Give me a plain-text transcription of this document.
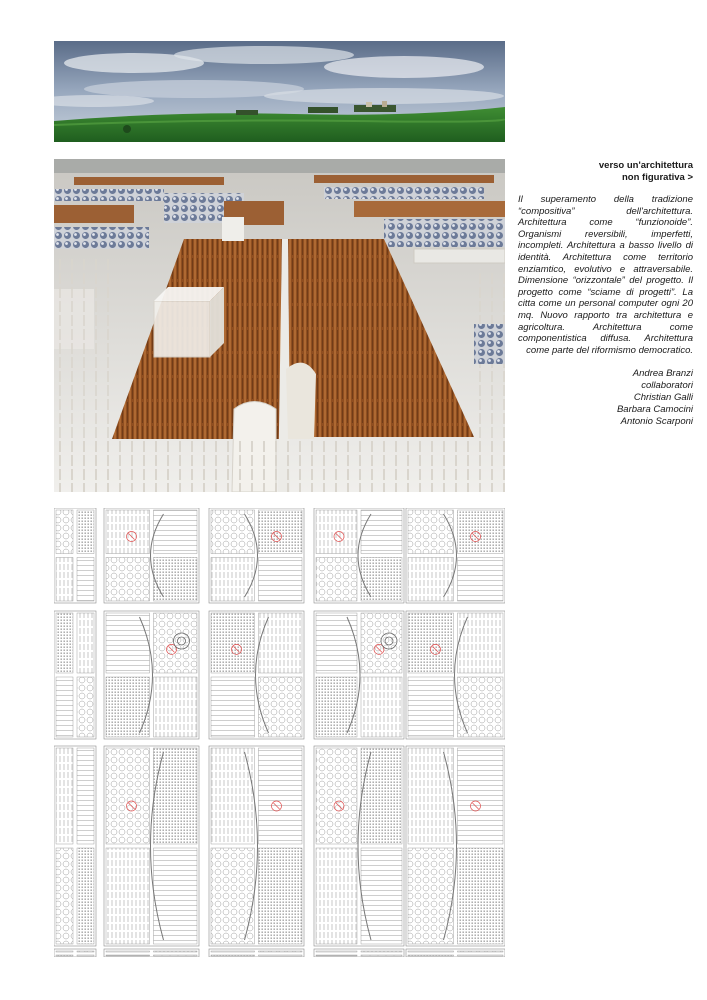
verso un'architettura
non figurativa >

Il superamento della tradizione “compositiva” dell'architettura. Architettura come “funzionoide”. Organismi reversibili, imperfetti, incompleti. Architettura a basso livello di identità. Architettura come territorio enziamtico, evolutivo e attraversabile. Dimensione “orizzontale” del progetto. Il progetto come “sciame di progetti”. La citta come un personal computer ogni 20 mq. Nuovo rapporto tra architettura e agricoltura. Architettura come componentistica diffusa. Architettura come parte del riformismo democratico.

Andrea Branzi
collaboratori
Christian Galli
Barbara Camocini
Antonio Scarponi
